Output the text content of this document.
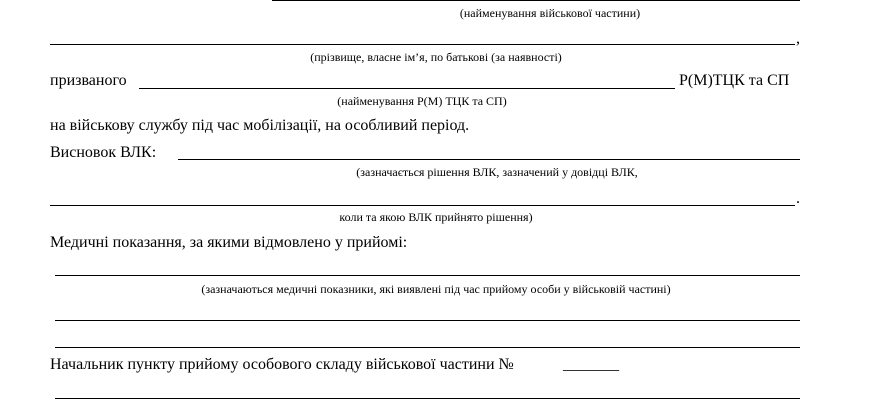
(найменування військової частини)
,
(прізвище, власне ім’я, по батькові (за наявності)
призваного	Р(М)ТЦК та СП
(найменування Р(М) ТЦК та СП)
на військову службу під час мобілізації, на особливий період.
Висновок ВЛК:
(зазначається рішення ВЛК, зазначений у довідці ВЛК,
.
коли та якою ВЛК прийнято рішення)
Медичні показання, за якими відмовлено у прийомі:
(зазначаються медичні показники, які виявлені під час прийому особи у військовій частині)
Начальник пункту прийому особового складу військової частини №	_______
